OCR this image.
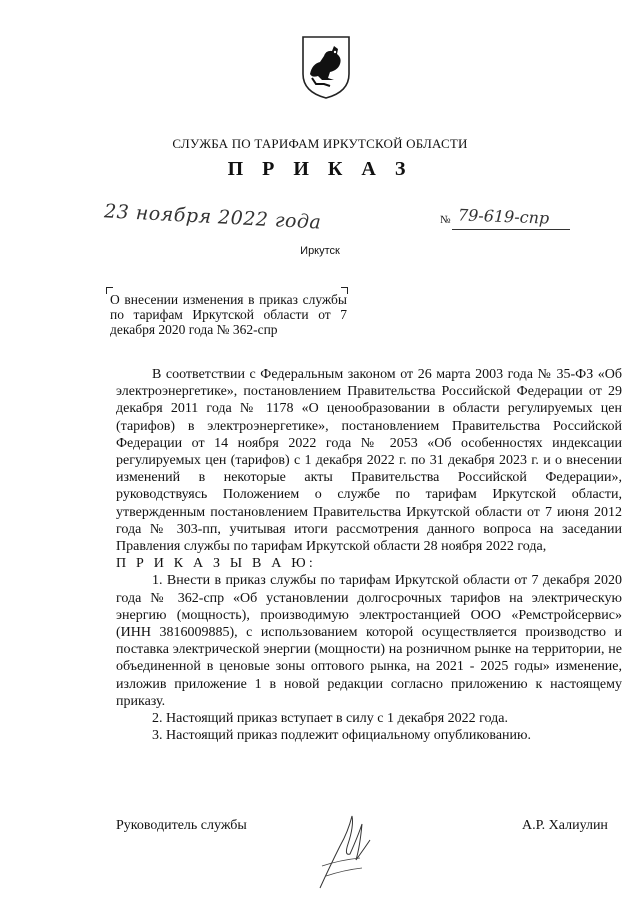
СЛУЖБА ПО ТАРИФАМ ИРКУТСКОЙ ОБЛАСТИ
П Р И К А З
23 ноября 2022 года	№ 79-619-спр
Иркутск
О внесении изменения в приказ службы по тарифам Иркутской области от 7 декабря 2020 года № 362-спр

В соответствии с Федеральным законом от 26 марта 2003 года № 35-ФЗ «Об электроэнергетике», постановлением Правительства Российской Федерации от 29 декабря 2011 года № 1178 «О ценообразовании в области регулируемых цен (тарифов) в электроэнергетике», постановлением Правительства Российской Федерации от 14 ноября 2022 года № 2053 «Об особенностях индексации регулируемых цен (тарифов) с 1 декабря 2022 г. по 31 декабря 2023 г. и о внесении изменений в некоторые акты Правительства Российской Федерации», руководствуясь Положением о службе по тарифам Иркутской области, утвержденным постановлением Правительства Иркутской области от 7 июня 2012 года № 303-пп, учитывая итоги рассмотрения данного вопроса на заседании Правления службы по тарифам Иркутской области 28 ноября 2022 года,

П Р И К А З Ы В А Ю:

1. Внести в приказ службы по тарифам Иркутской области от 7 декабря 2020 года № 362-спр «Об установлении долгосрочных тарифов на электрическую энергию (мощность), производимую электростанцией ООО «Ремстройсервис» (ИНН 3816009885), с использованием которой осуществляется производство и поставка электрической энергии (мощности) на розничном рынке на территории, не объединенной в ценовые зоны оптового рынка, на 2021 - 2025 годы» изменение, изложив приложение 1 в новой редакции согласно приложению к настоящему приказу.

2. Настоящий приказ вступает в силу с 1 декабря 2022 года.

3. Настоящий приказ подлежит официальному опубликованию.

Руководитель службы	А.Р. Халиулин
